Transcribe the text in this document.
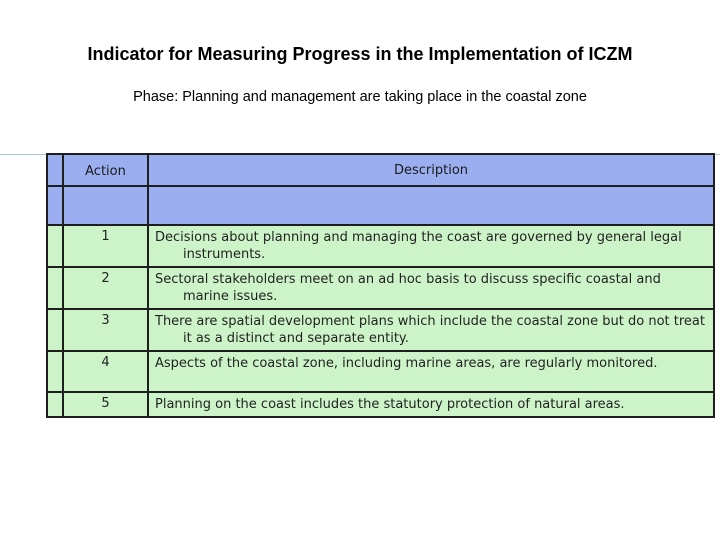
Indicator for Measuring Progress in the Implementation of ICZM
Phase: Planning and management are taking place in the coastal zone
	Action	Description

	1	Decisions about planning and managing the coast are governed by general legal instruments.
	2	Sectoral stakeholders meet on an ad hoc basis to discuss specific coastal and marine issues.
	3	There are spatial development plans which include the coastal zone but do not treat it as a distinct and separate entity.
	4	Aspects of the coastal zone, including marine areas, are regularly monitored.
	5	Planning on the coast includes the statutory protection of natural areas.
